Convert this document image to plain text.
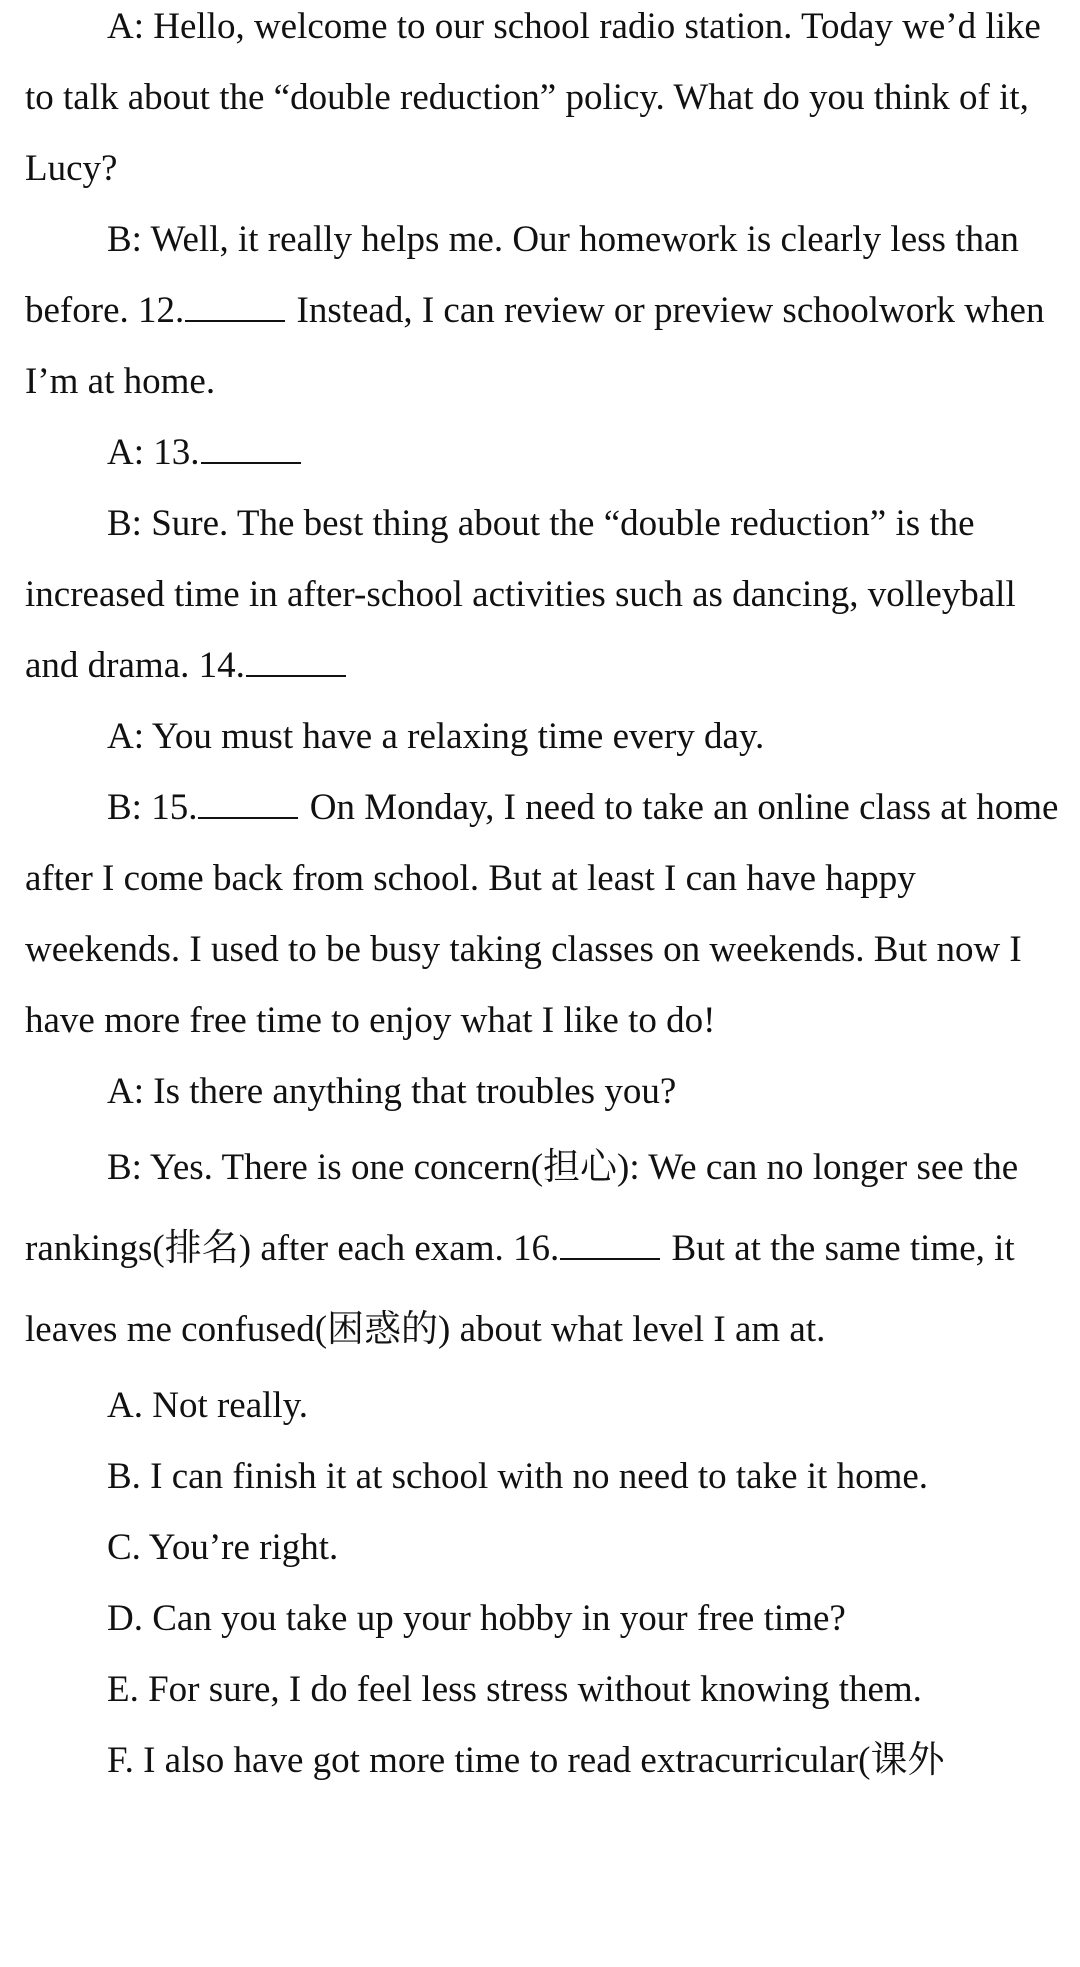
A: Hello, welcome to our school radio station. Today we’d like to talk about the “double reduction” policy. What do you think of it, Lucy?

B: Well, it really helps me. Our homework is clearly less than before. 12.	Instead, I can review or preview schoolwork when I’m at home.

A: 13.

B: Sure. The best thing about the “double reduction” is the increased time in after-school activities such as dancing, volleyball and drama. 14.

A: You must have a relaxing time every day.

B: 15.	On Monday, I need to take an online class at home after I come back from school. But at least I can have happy weekends. I used to be busy taking classes on weekends. But now I have more free time to enjoy what I like to do!

A: Is there anything that troubles you?

B: Yes. There is one concern(担心): We can no longer see the rankings(排名) after each exam. 16.	But at the same time, it leaves me confused(困惑的) about what level I am at.

A. Not really.

B. I can finish it at school with no need to take it home.

C. You’re right.

D. Can you take up your hobby in your free time?

E. For sure, I do feel less stress without knowing them.

F. I also have got more time to read extracurricular(课外
